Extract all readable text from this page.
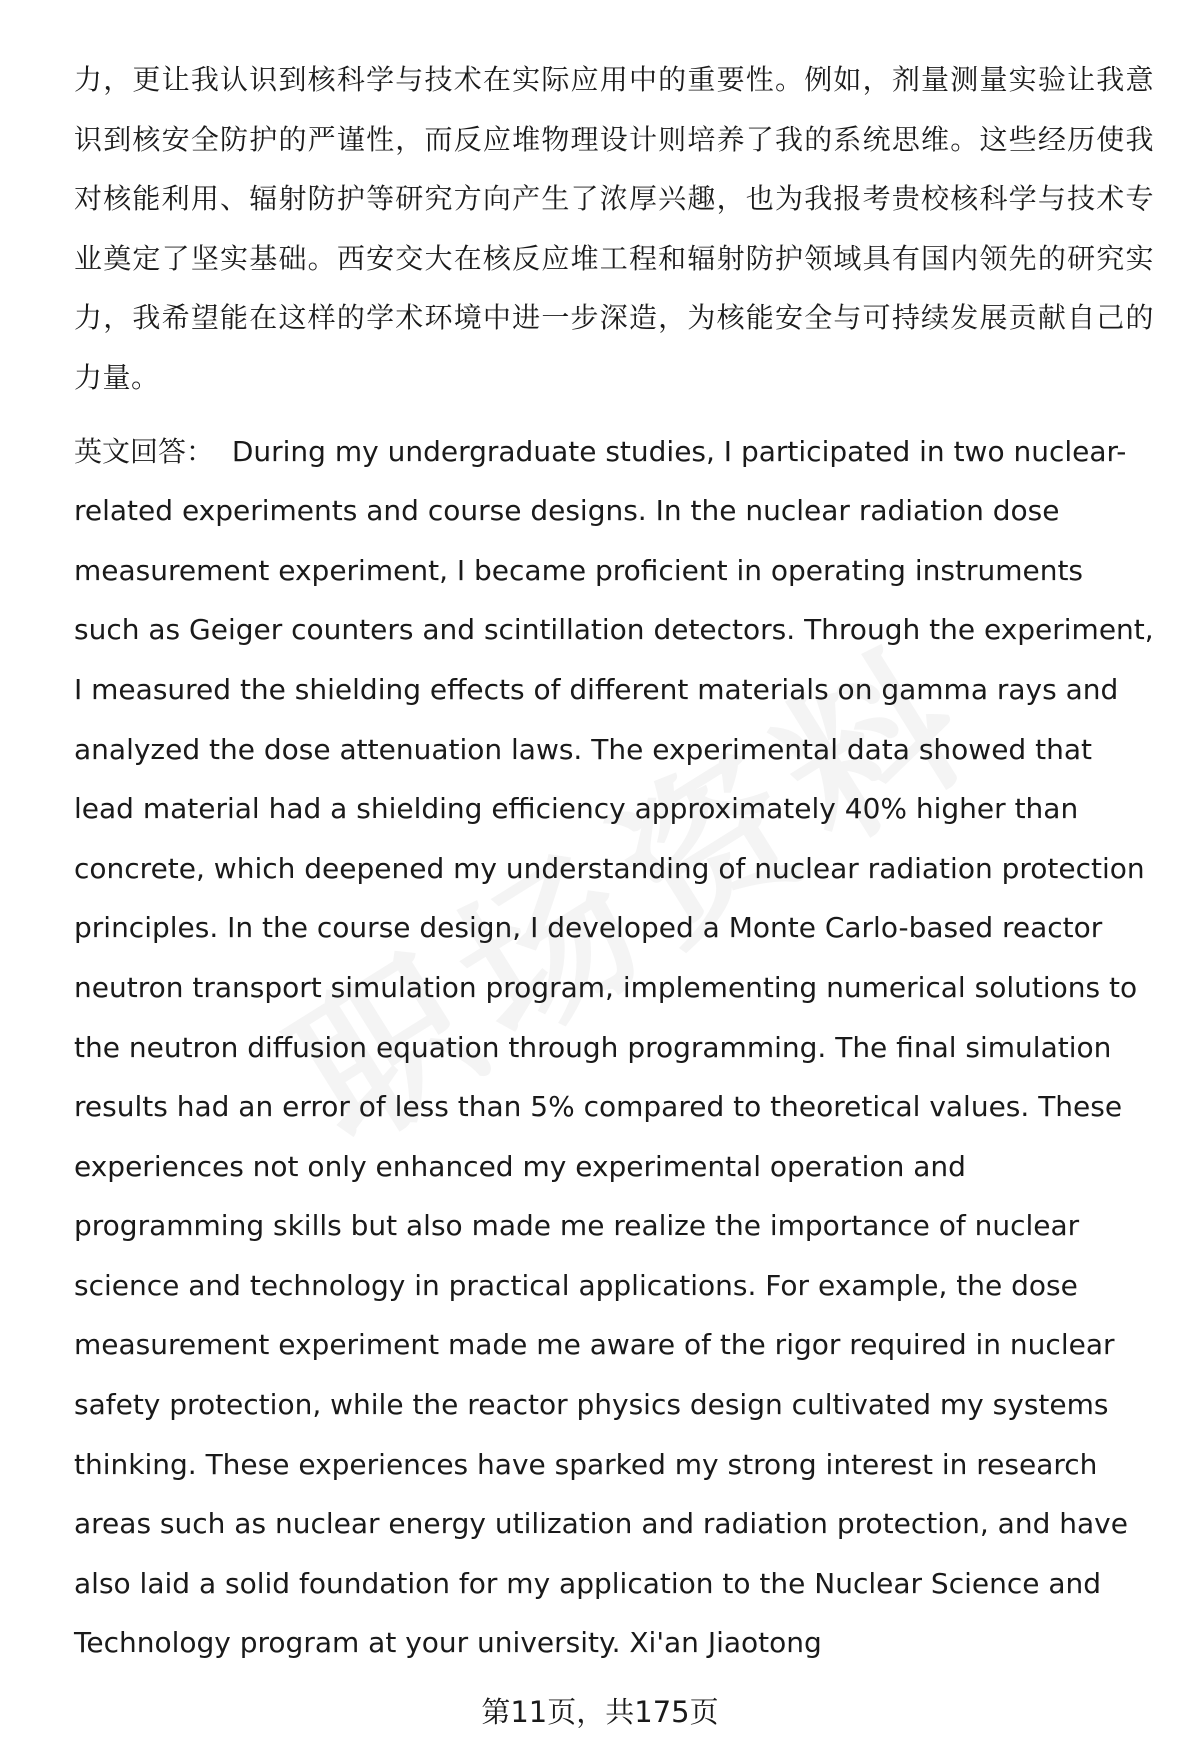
力，更让我认识到核科学与技术在实际应用中的重要性。例如，剂量测量实验让我意识到核安全防护的严谨性，而反应堆物理设计则培养了我的系统思维。这些经历使我对核能利用、辐射防护等研究方向产生了浓厚兴趣，也为我报考贵校核科学与技术专业奠定了坚实基础。西安交大在核反应堆工程和辐射防护领域具有国内领先的研究实力，我希望能在这样的学术环境中进一步深造，为核能安全与可持续发展贡献自己的力量。

英文回答： During my undergraduate studies, I participated in two nuclear-related experiments and course designs. In the nuclear radiation dose measurement experiment, I became proficient in operating instruments such as Geiger counters and scintillation detectors. Through the experiment, I measured the shielding effects of different materials on gamma rays and analyzed the dose attenuation laws. The experimental data showed that lead material had a shielding efficiency approximately 40% higher than concrete, which deepened my understanding of nuclear radiation protection principles. In the course design, I developed a Monte Carlo-based reactor neutron transport simulation program, implementing numerical solutions to the neutron diffusion equation through programming. The final simulation results had an error of less than 5% compared to theoretical values. These experiences not only enhanced my experimental operation and programming skills but also made me realize the importance of nuclear science and technology in practical applications. For example, the dose measurement experiment made me aware of the rigor required in nuclear safety protection, while the reactor physics design cultivated my systems thinking. These experiences have sparked my strong interest in research areas such as nuclear energy utilization and radiation protection, and have also laid a solid foundation for my application to the Nuclear Science and Technology program at your university. Xi'an Jiaotong

第11页，共175页
